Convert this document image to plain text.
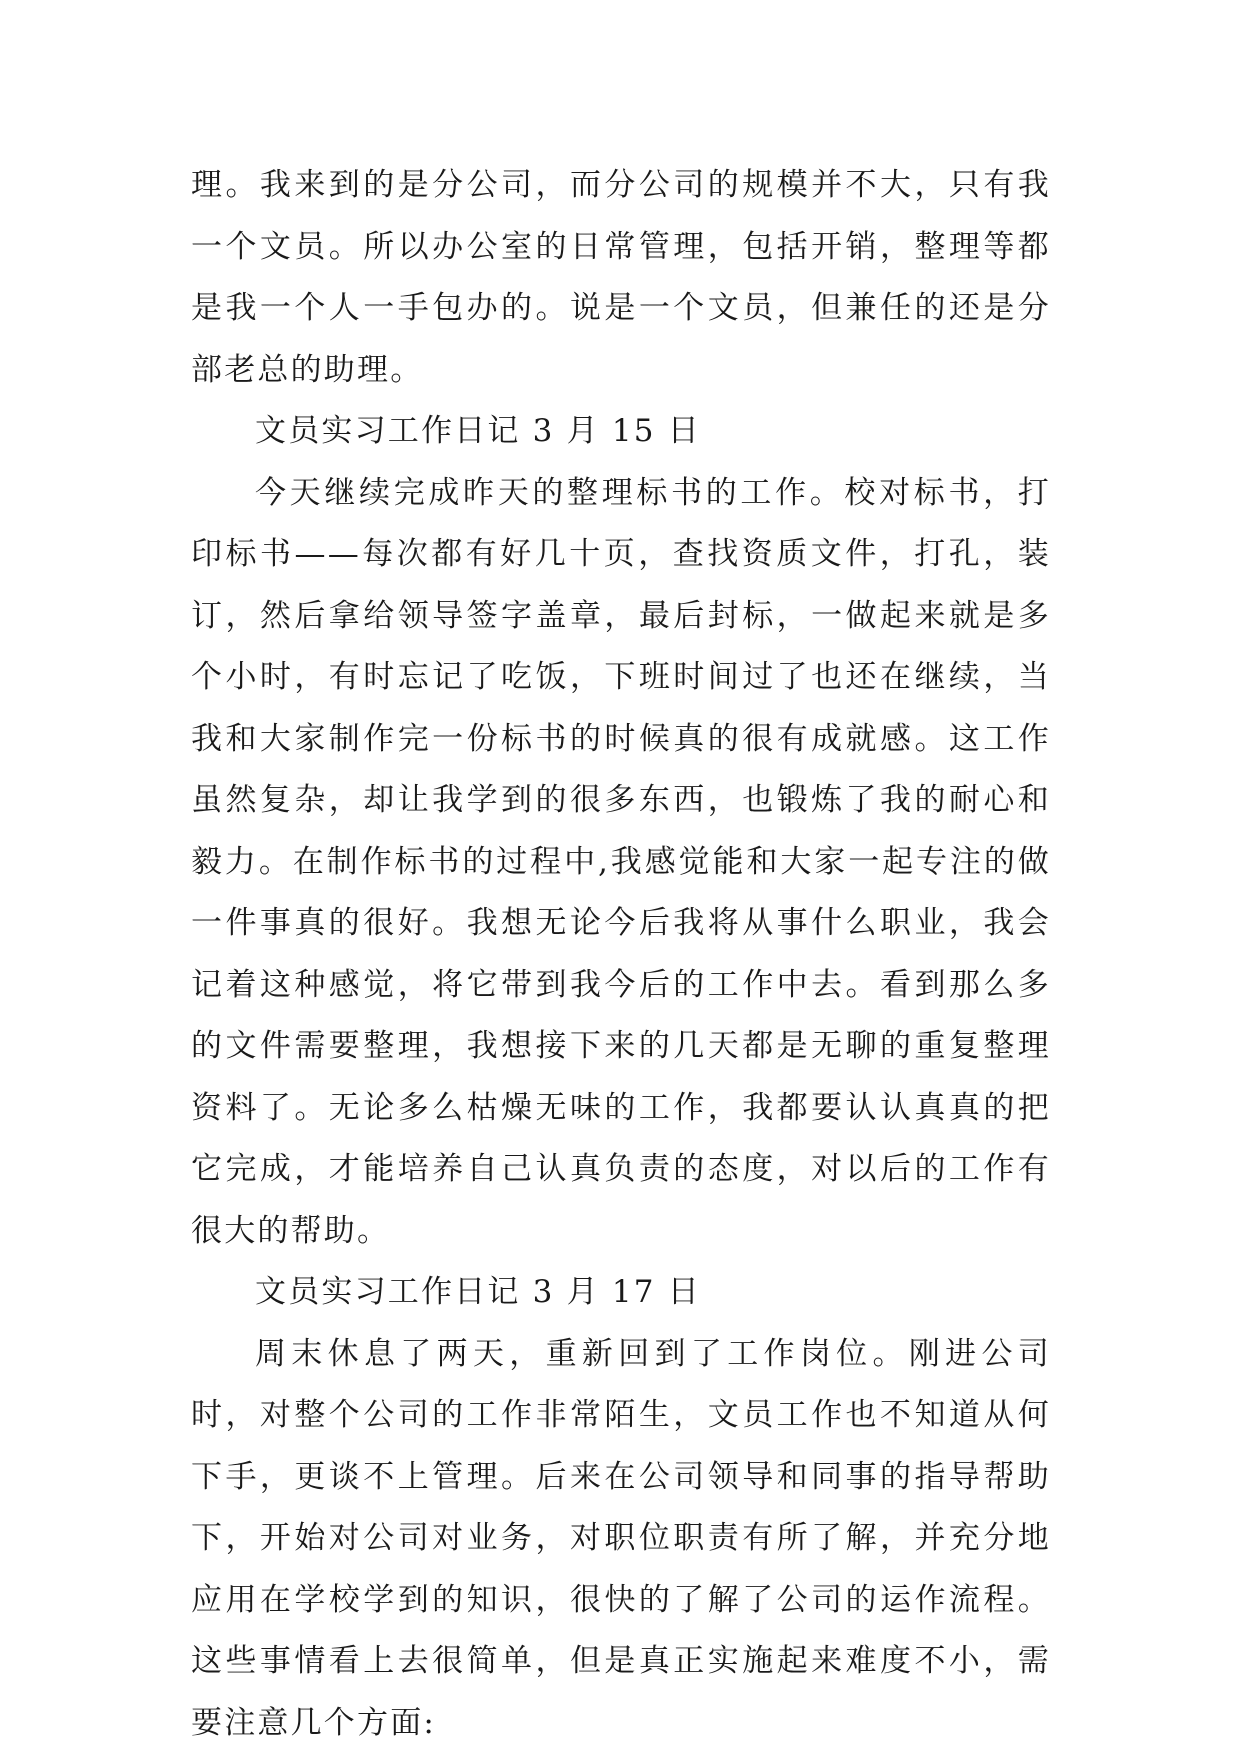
理。我来到的是分公司，而分公司的规模并不大，只有我一个文员。所以办公室的日常管理，包括开销，整理等都是我一个人一手包办的。说是一个文员，但兼任的还是分部老总的助理。

文员实习工作日记 3 月 15 日

今天继续完成昨天的整理标书的工作。校对标书，打印标书——每次都有好几十页，查找资质文件，打孔，装订，然后拿给领导签字盖章，最后封标，一做起来就是多个小时，有时忘记了吃饭，下班时间过了也还在继续，当我和大家制作完一份标书的时候真的很有成就感。这工作虽然复杂，却让我学到的很多东西，也锻炼了我的耐心和毅力。在制作标书的过程中,我感觉能和大家一起专注的做一件事真的很好。我想无论今后我将从事什么职业，我会记着这种感觉，将它带到我今后的工作中去。看到那么多的文件需要整理，我想接下来的几天都是无聊的重复整理资料了。无论多么枯燥无味的工作，我都要认认真真的把它完成，才能培养自己认真负责的态度，对以后的工作有很大的帮助。

文员实习工作日记 3 月 17 日

周末休息了两天，重新回到了工作岗位。刚进公司时，对整个公司的工作非常陌生，文员工作也不知道从何下手，更谈不上管理。后来在公司领导和同事的指导帮助下，开始对公司对业务，对职位职责有所了解，并充分地应用在学校学到的知识，很快的了解了公司的运作流程。这些事情看上去很简单，但是真正实施起来难度不小，需要注意几个方面:
